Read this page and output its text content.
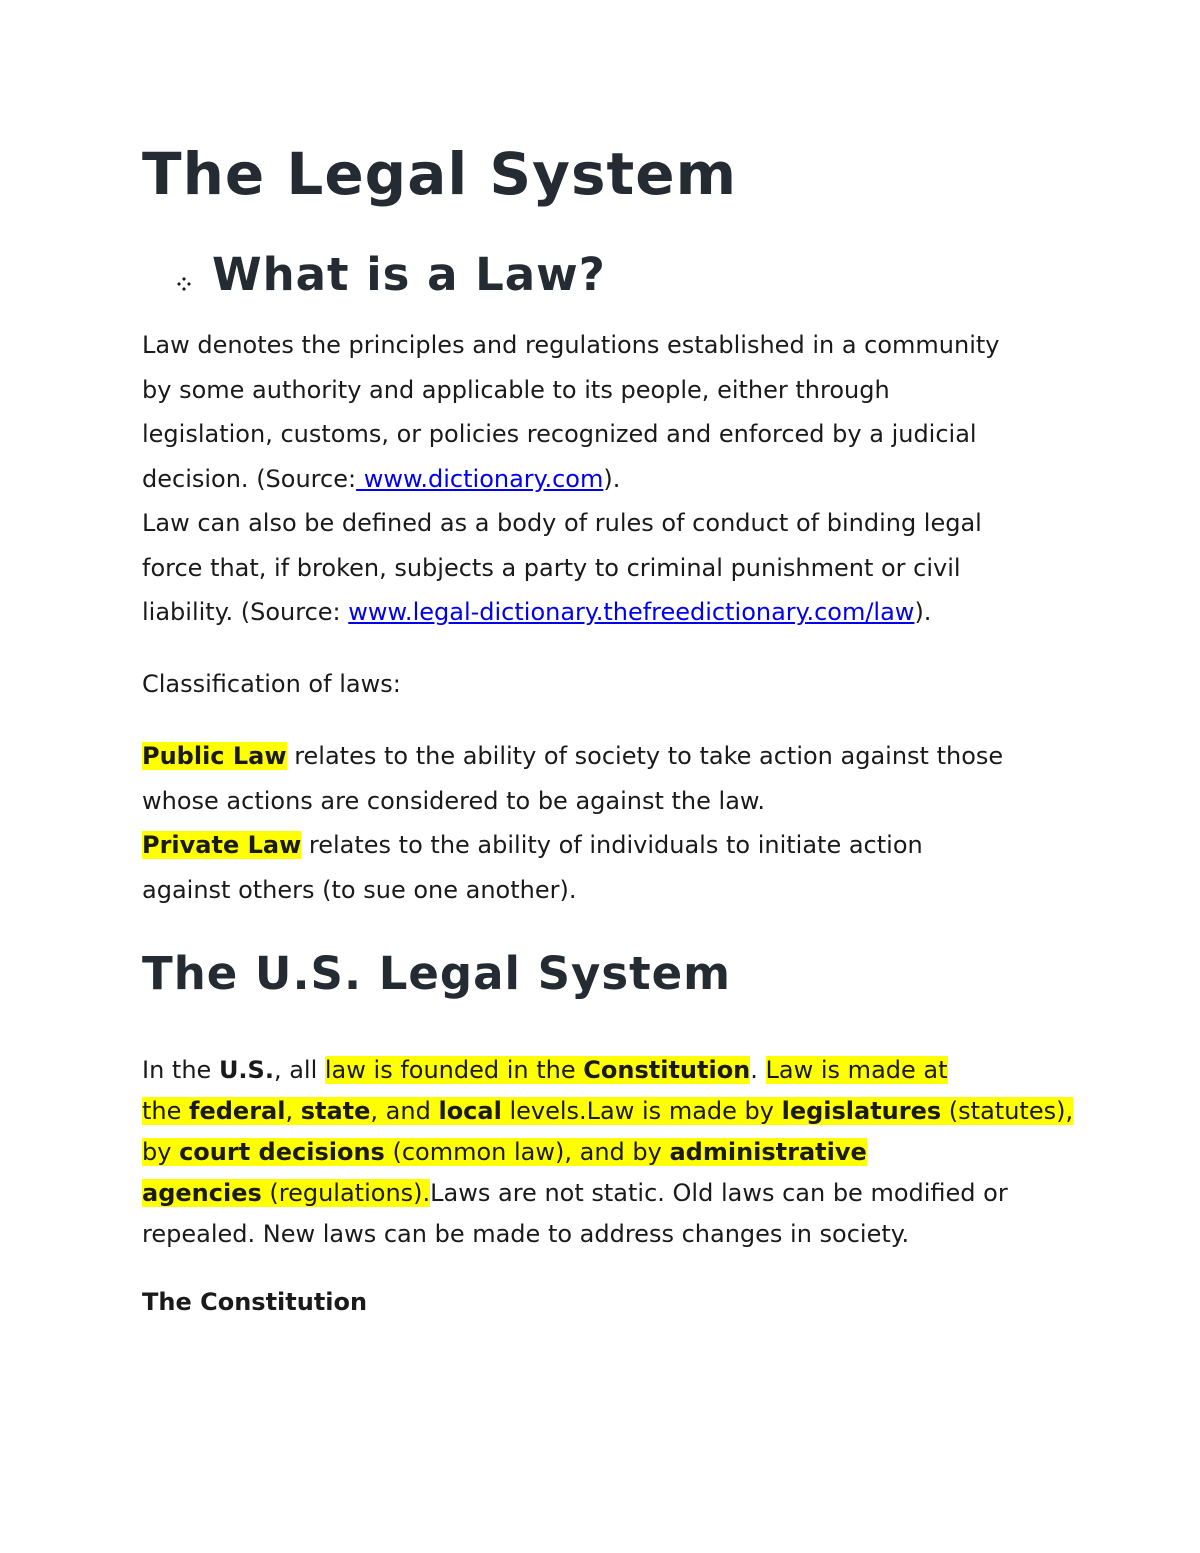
The Legal System
What is a Law?

Law denotes the principles and regulations established in a community

by some authority and applicable to its people, either through

legislation, customs, or policies recognized and enforced by a judicial

decision. (Source: www.dictionary.com).

Law can also be defined as a body of rules of conduct of binding legal

force that, if broken, subjects a party to criminal punishment or civil

liability. (Source: www.legal-dictionary.thefreedictionary.com/law).

Classification of laws:

Public Law relates to the ability of society to take action against those

whose actions are considered to be against the law.

Private Law relates to the ability of individuals to initiate action

against others (to sue one another).

The U.S. Legal System

In the U.S., all law is founded in the Constitution. Law is made at

the federal, state, and local levels.Law is made by legislatures (statutes),

by court decisions (common law), and by administrative

agencies (regulations).Laws are not static. Old laws can be modified or

repealed. New laws can be made to address changes in society.

The Constitution
